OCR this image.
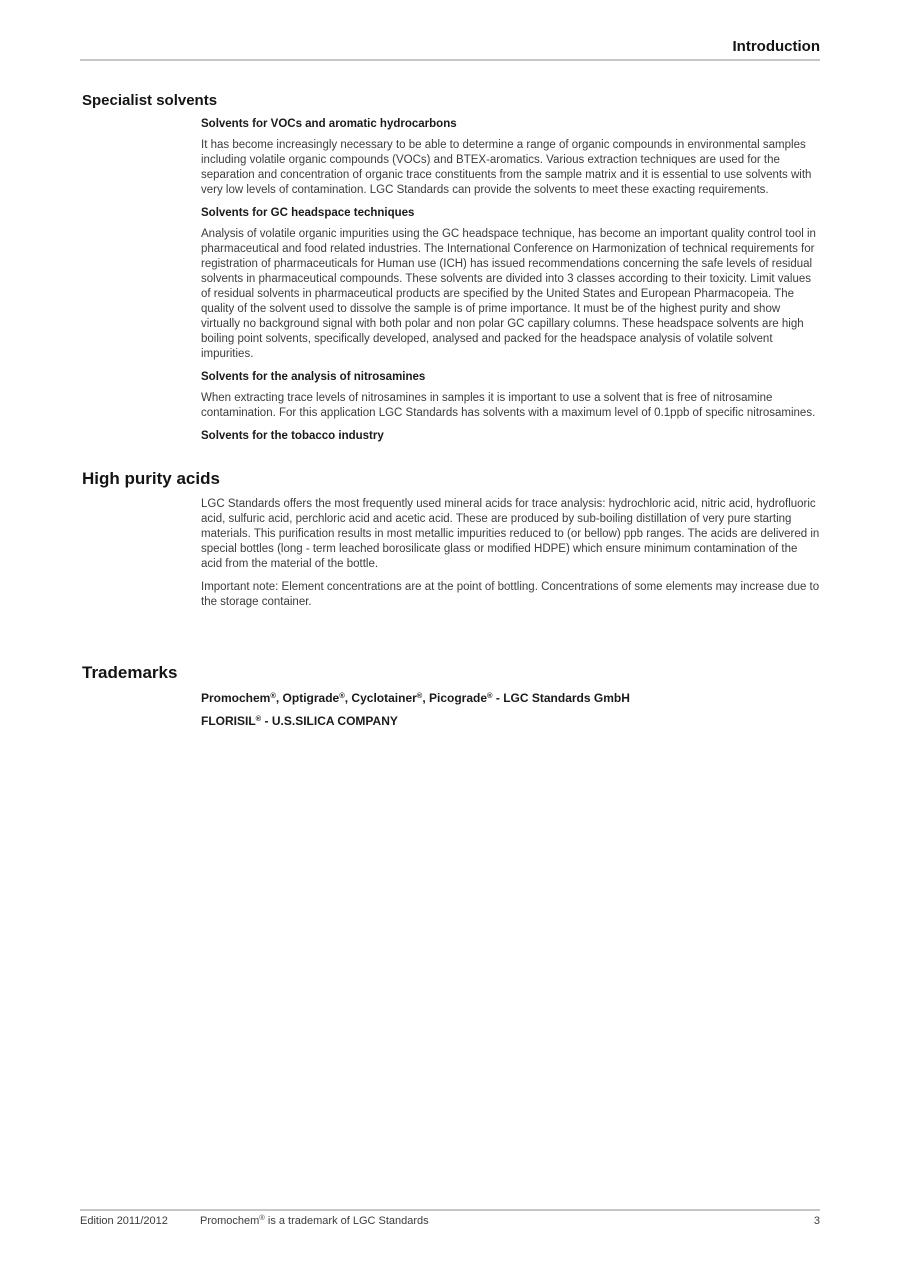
Introduction
Specialist solvents
Solvents for VOCs and aromatic hydrocarbons

It has become increasingly necessary to be able to determine a range of organic compounds in environmental samples including volatile organic compounds (VOCs) and BTEX-aromatics. Various extraction techniques are used for the separation and concentration of organic trace constituents from the sample matrix and it is essential to use solvents with very low levels of contamination. LGC Standards can provide the solvents to meet these exacting requirements.

Solvents for GC headspace techniques

Analysis of volatile organic impurities using the GC headspace technique, has become an important quality control tool in pharmaceutical and food related industries. The International Conference on Harmonization of technical requirements for registration of pharmaceuticals for Human use (ICH) has issued recommendations concerning the safe levels of residual solvents in pharmaceutical compounds. These solvents are divided into 3 classes according to their toxicity. Limit values of residual solvents in pharmaceutical products are specified by the United States and European Pharmacopeia. The quality of the solvent used to dissolve the sample is of prime importance. It must be of the highest purity and show virtually no background signal with both polar and non polar GC capillary columns. These headspace solvents are high boiling point solvents, specifically developed, analysed and packed for the headspace analysis of volatile solvent impurities.

Solvents for the analysis of nitrosamines

When extracting trace levels of nitrosamines in samples it is important to use a solvent that is free of nitrosamine contamination. For this application LGC Standards has solvents with a maximum level of 0.1ppb of specific nitrosamines.

Solvents for the tobacco industry
High purity acids

LGC Standards offers the most frequently used mineral acids for trace analysis: hydrochloric acid, nitric acid, hydrofluoric acid, sulfuric acid, perchloric acid and acetic acid. These are produced by sub-boiling distillation of very pure starting materials. This purification results in most metallic impurities reduced to (or bellow) ppb ranges. The acids are delivered in special bottles (long - term leached borosilicate glass or modified HDPE) which ensure minimum contamination of the acid from the material of the bottle.

Important note: Element concentrations are at the point of bottling. Concentrations of some elements may increase due to the storage container.

Trademarks

Promochem®, Optigrade®, Cyclotainer®, Picograde® - LGC Standards GmbH

FLORISIL® - U.S.SILICA COMPANY

Edition 2011/2012	Promochem® is a trademark of LGC Standards	3
